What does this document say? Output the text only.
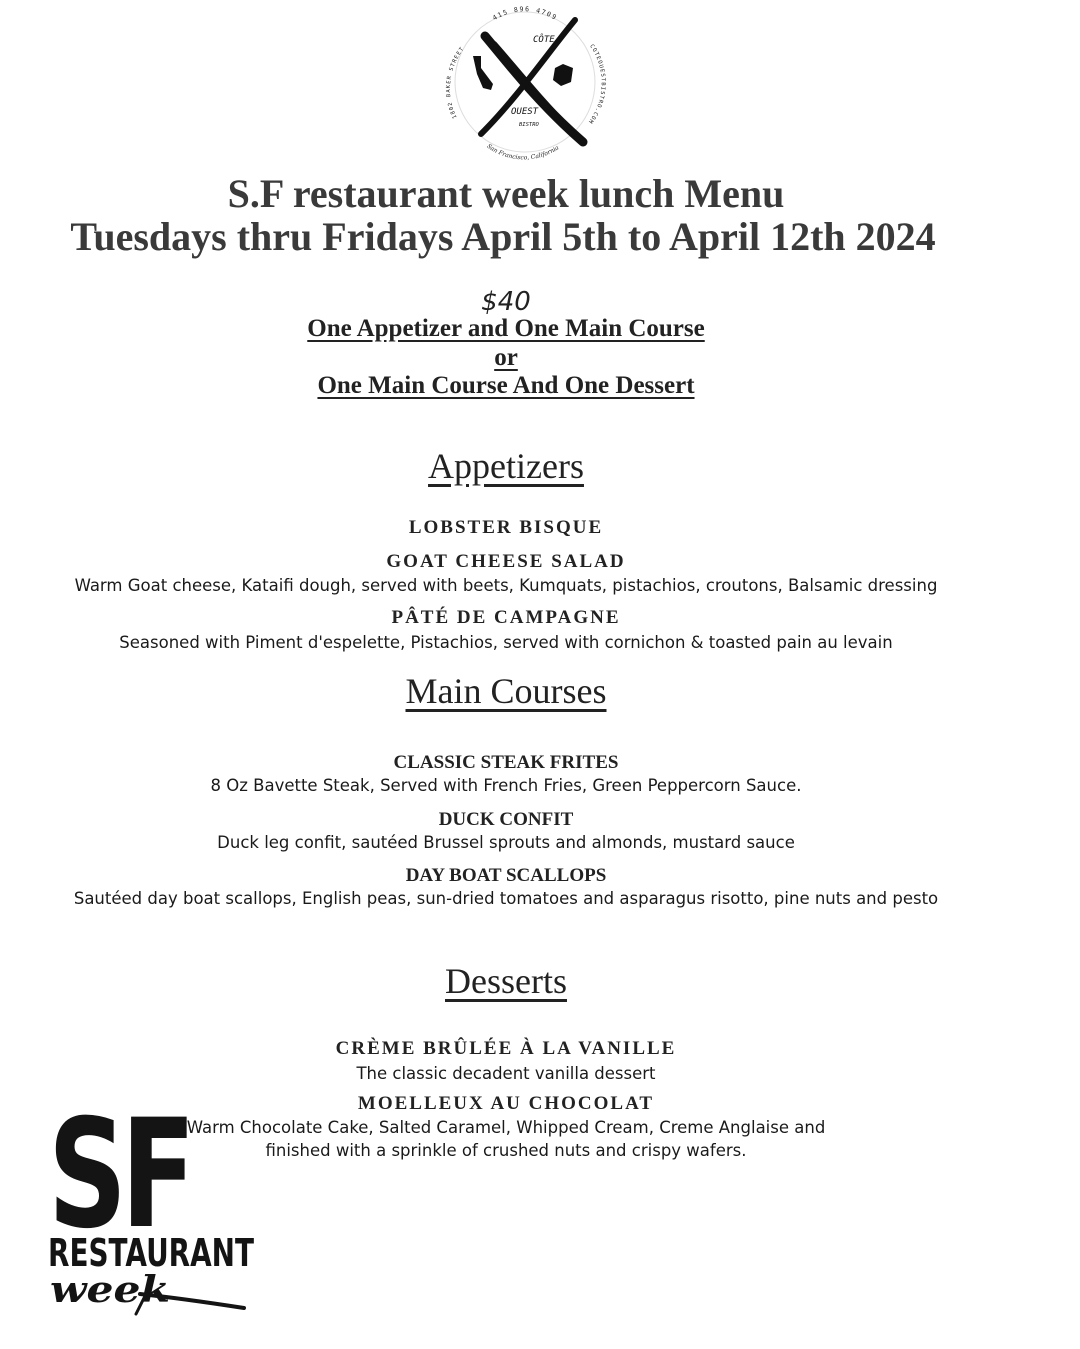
415 896 4709
1802 BAKER STREET	COTEOUESTBISTRO.COM
San Francisco, California
CÔTE
OUEST
BISTRO
S.F restaurant week lunch Menu
Tuesdays thru Fridays April 5th to April 12th 2024
$40
One Appetizer and One Main Course
or
One Main Course And One Dessert
Appetizers
LOBSTER BISQUE
GOAT CHEESE SALAD
Warm Goat cheese, Kataifi dough, served with beets, Kumquats, pistachios, croutons, Balsamic dressing
PÂTÉ DE CAMPAGNE
Seasoned with Piment d'espelette, Pistachios, served with cornichon & toasted pain au levain
Main Courses
CLASSIC STEAK FRITES
8 Oz Bavette Steak, Served with French Fries, Green Peppercorn Sauce.
DUCK CONFIT
Duck leg confit, sautéed Brussel sprouts and almonds, mustard sauce
DAY BOAT SCALLOPS
Sautéed day boat scallops, English peas, sun-dried tomatoes and asparagus risotto, pine nuts and pesto
Desserts
CRÈME BRÛLÉE À LA VANILLE
The classic decadent vanilla dessert
MOELLEUX AU CHOCOLAT
Warm Chocolate Cake, Salted Caramel, Whipped Cream, Creme Anglaise and
finished with a sprinkle of crushed nuts and crispy wafers.
SF
RESTAURANT
week
